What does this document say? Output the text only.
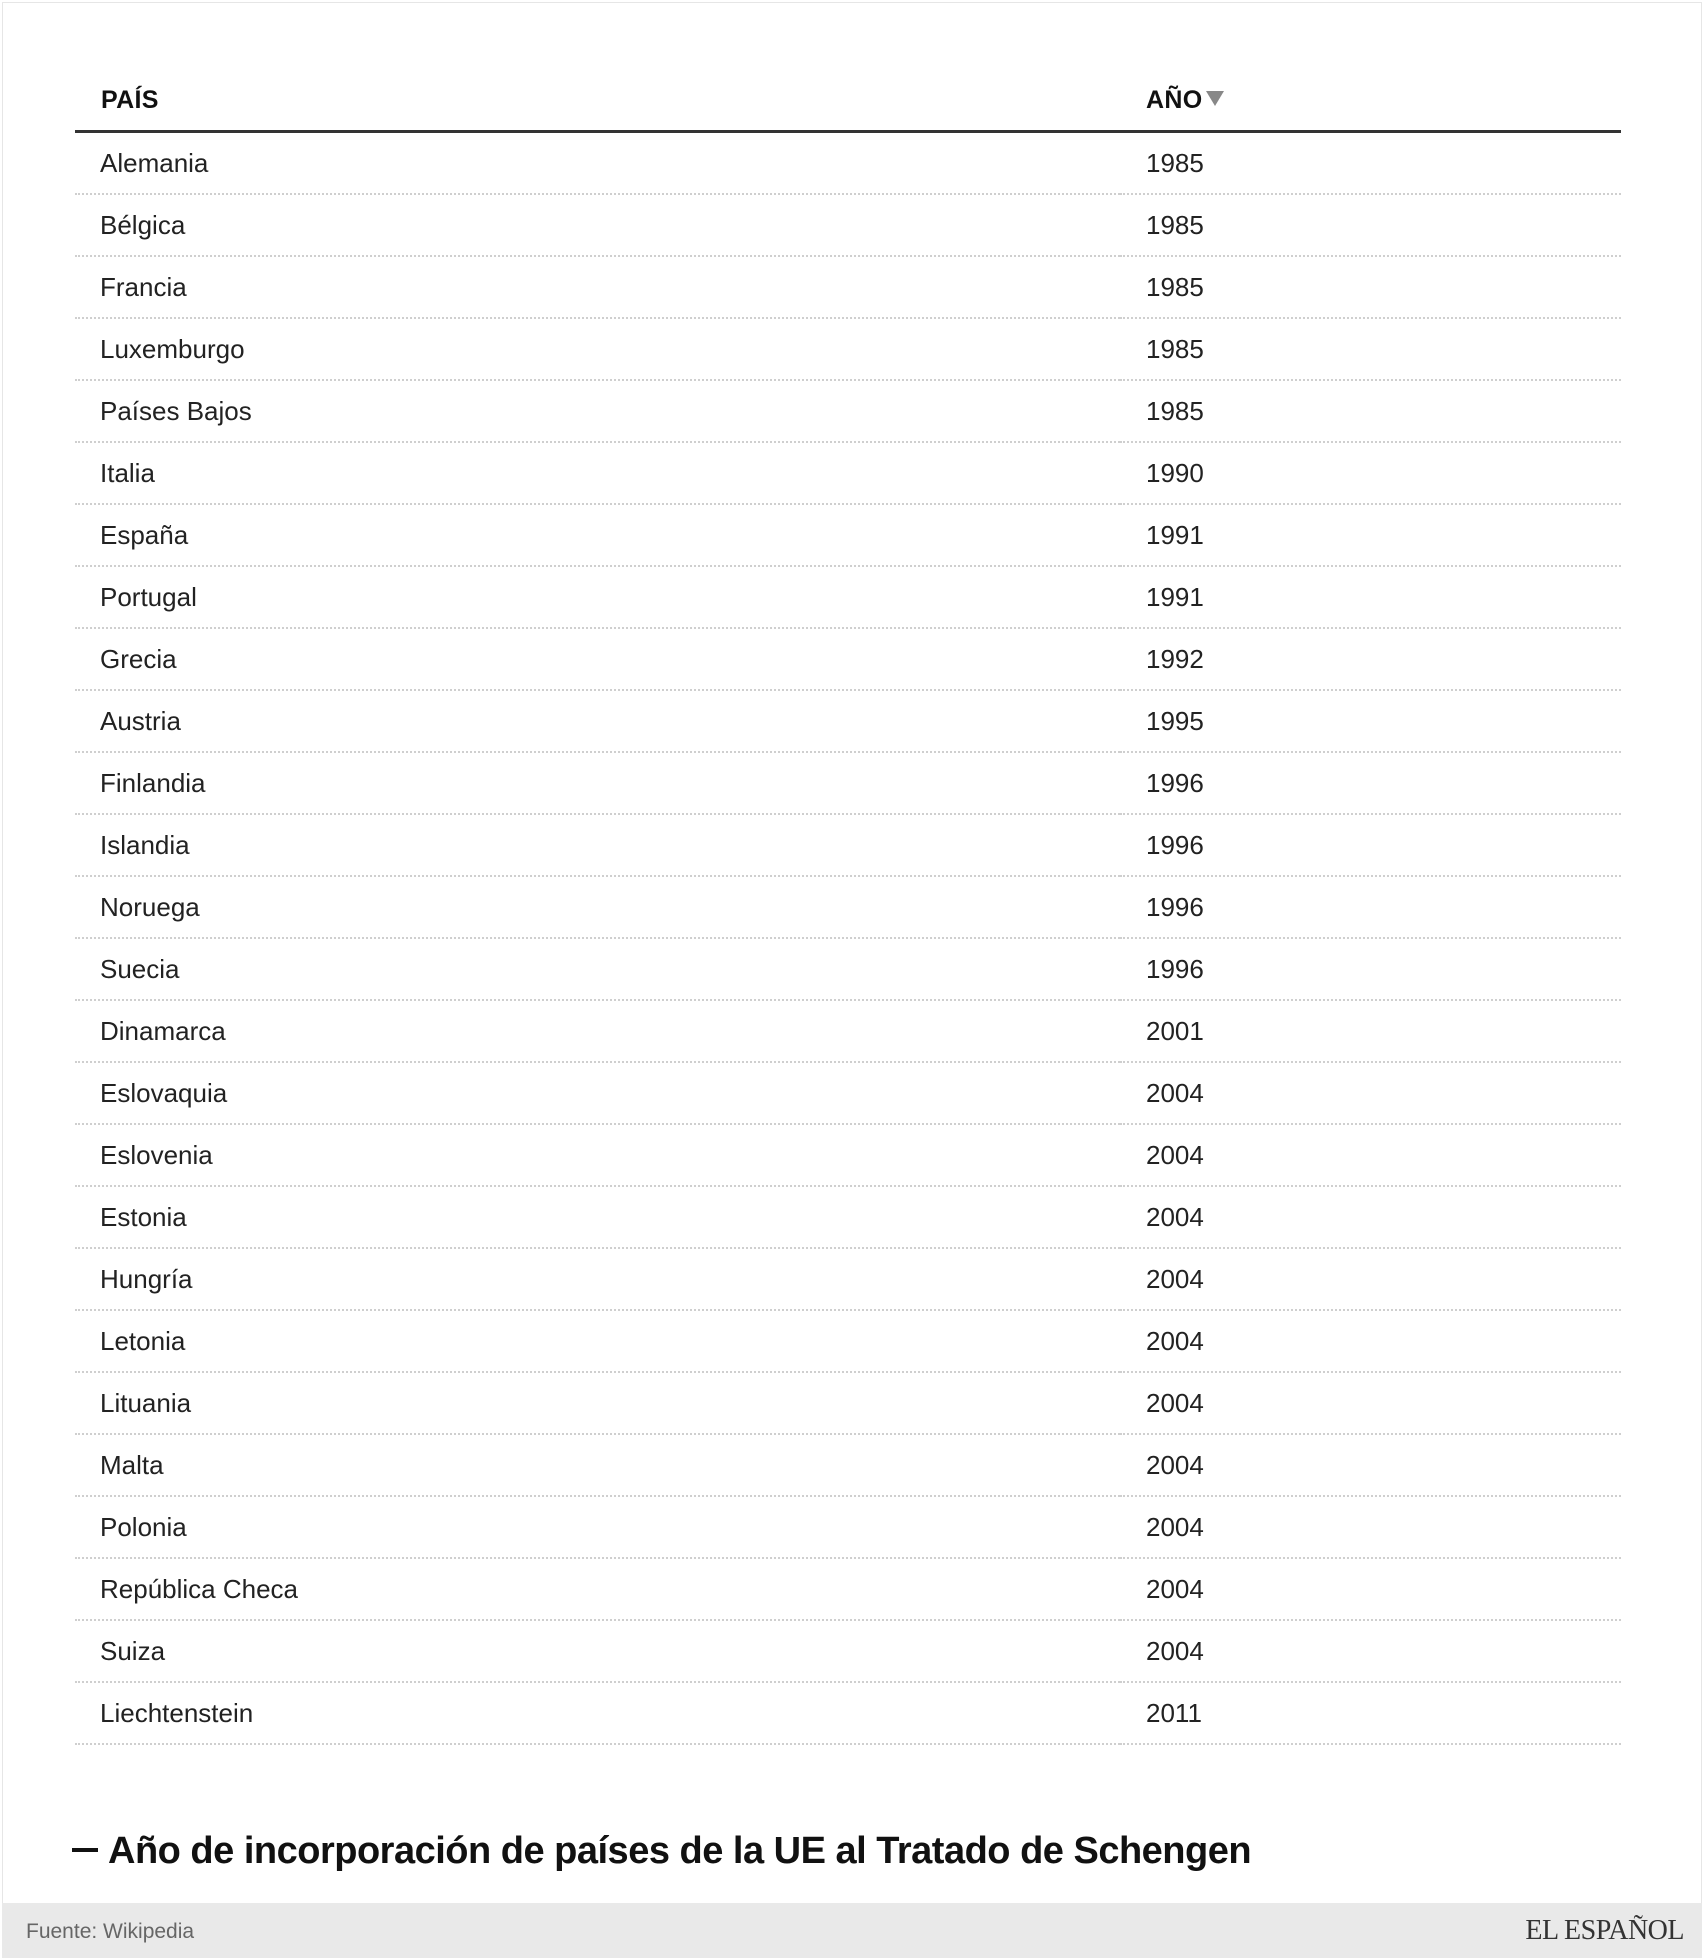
PAÍS	AÑO
Alemania	1985
Bélgica	1985
Francia	1985
Luxemburgo	1985
Países Bajos	1985
Italia	1990
España	1991
Portugal	1991
Grecia	1992
Austria	1995
Finlandia	1996
Islandia	1996
Noruega	1996
Suecia	1996
Dinamarca	2001
Eslovaquia	2004
Eslovenia	2004
Estonia	2004
Hungría	2004
Letonia	2004
Lituania	2004
Malta	2004
Polonia	2004
República Checa	2004
Suiza	2004
Liechtenstein	2011
Año de incorporación de países de la UE al Tratado de Schengen
Fuente: Wikipedia	EL ESPAÑOL
